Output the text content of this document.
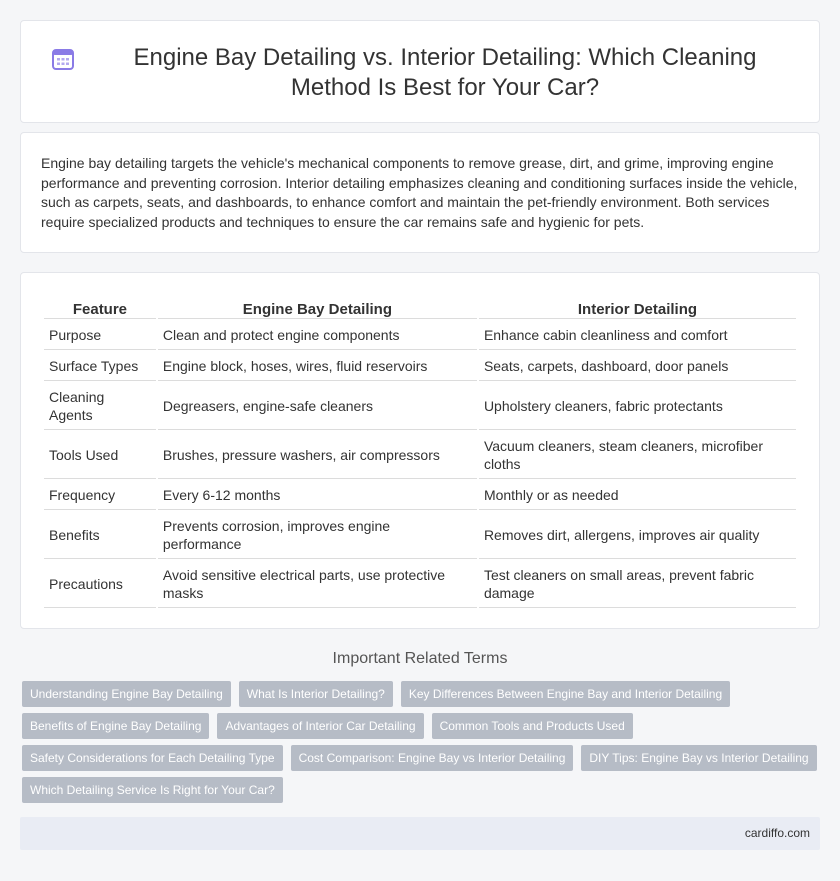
Engine Bay Detailing vs. Interior Detailing: Which Cleaning Method Is Best for Your Car?

Engine bay detailing targets the vehicle's mechanical components to remove grease, dirt, and grime, improving engine performance and preventing corrosion. Interior detailing emphasizes cleaning and conditioning surfaces inside the vehicle, such as carpets, seats, and dashboards, to enhance comfort and maintain the pet-friendly environment. Both services require specialized products and techniques to ensure the car remains safe and hygienic for pets.

Feature	Engine Bay Detailing	Interior Detailing
Purpose	Clean and protect engine components	Enhance cabin cleanliness and comfort
Surface Types	Engine block, hoses, wires, fluid reservoirs	Seats, carpets, dashboard, door panels
Cleaning Agents	Degreasers, engine-safe cleaners	Upholstery cleaners, fabric protectants
Tools Used	Brushes, pressure washers, air compressors	Vacuum cleaners, steam cleaners, microfiber cloths
Frequency	Every 6-12 months	Monthly or as needed
Benefits	Prevents corrosion, improves engine performance	Removes dirt, allergens, improves air quality
Precautions	Avoid sensitive electrical parts, use protective masks	Test cleaners on small areas, prevent fabric damage
Important Related Terms
Understanding Engine Bay Detailing	What Is Interior Detailing?	Key Differences Between Engine Bay and Interior Detailing
Benefits of Engine Bay Detailing	Advantages of Interior Car Detailing	Common Tools and Products Used
Safety Considerations for Each Detailing Type	Cost Comparison: Engine Bay vs Interior Detailing	DIY Tips: Engine Bay vs Interior Detailing
Which Detailing Service Is Right for Your Car?
cardiffo.com
